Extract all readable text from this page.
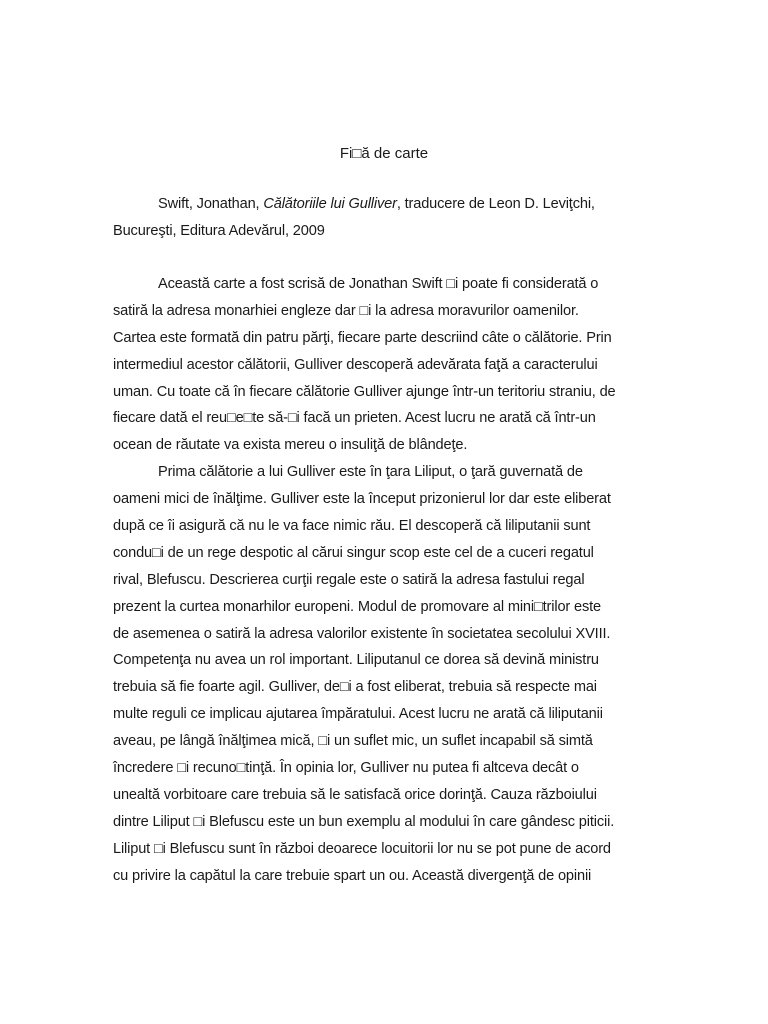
Fi□ă de carte
Swift, Jonathan, Călătoriile lui Gulliver, traducere de Leon D. Leviţchi,
Bucureşti, Editura Adevărul, 2009
Această carte a fost scrisă de Jonathan Swift □i poate fi considerată o
satiră la adresa monarhiei engleze dar □i la adresa moravurilor oamenilor.
Cartea este formată din patru părţi, fiecare parte descriind câte o călătorie. Prin
intermediul acestor călătorii, Gulliver descoperă adevărata faţă a caracterului
uman. Cu toate că în fiecare călătorie Gulliver ajunge într-un teritoriu straniu, de
fiecare dată el reu□e□te să-□i facă un prieten. Acest lucru ne arată că într-un
ocean de răutate va exista mereu o insuliţă de blândeţe.
Prima călătorie a lui Gulliver este în ţara Liliput, o ţară guvernată de
oameni mici de înălţime. Gulliver este la început prizonierul lor dar este eliberat
după ce îi asigură că nu le va face nimic rău. El descoperă că liliputanii sunt
condu□i de un rege despotic al cărui singur scop este cel de a cuceri regatul
rival, Blefuscu. Descrierea curţii regale este o satiră la adresa fastului regal
prezent la curtea monarhilor europeni. Modul de promovare al mini□trilor este
de asemenea o satiră la adresa valorilor existente în societatea secolului XVIII.
Competenţa nu avea un rol important. Liliputanul ce dorea să devină ministru
trebuia să fie foarte agil. Gulliver, de□i a fost eliberat, trebuia să respecte mai
multe reguli ce implicau ajutarea împăratului. Acest lucru ne arată că liliputanii
aveau, pe lângă înălţimea mică, □i un suflet mic, un suflet incapabil să simtă
încredere □i recuno□tinţă. În opinia lor, Gulliver nu putea fi altceva decât o
unealtă vorbitoare care trebuia să le satisfacă orice dorinţă. Cauza războiului
dintre Liliput □i Blefuscu este un bun exemplu al modului în care gândesc piticii.
Liliput □i Blefuscu sunt în război deoarece locuitorii lor nu se pot pune de acord
cu privire la capătul la care trebuie spart un ou. Această divergenţă de opinii
